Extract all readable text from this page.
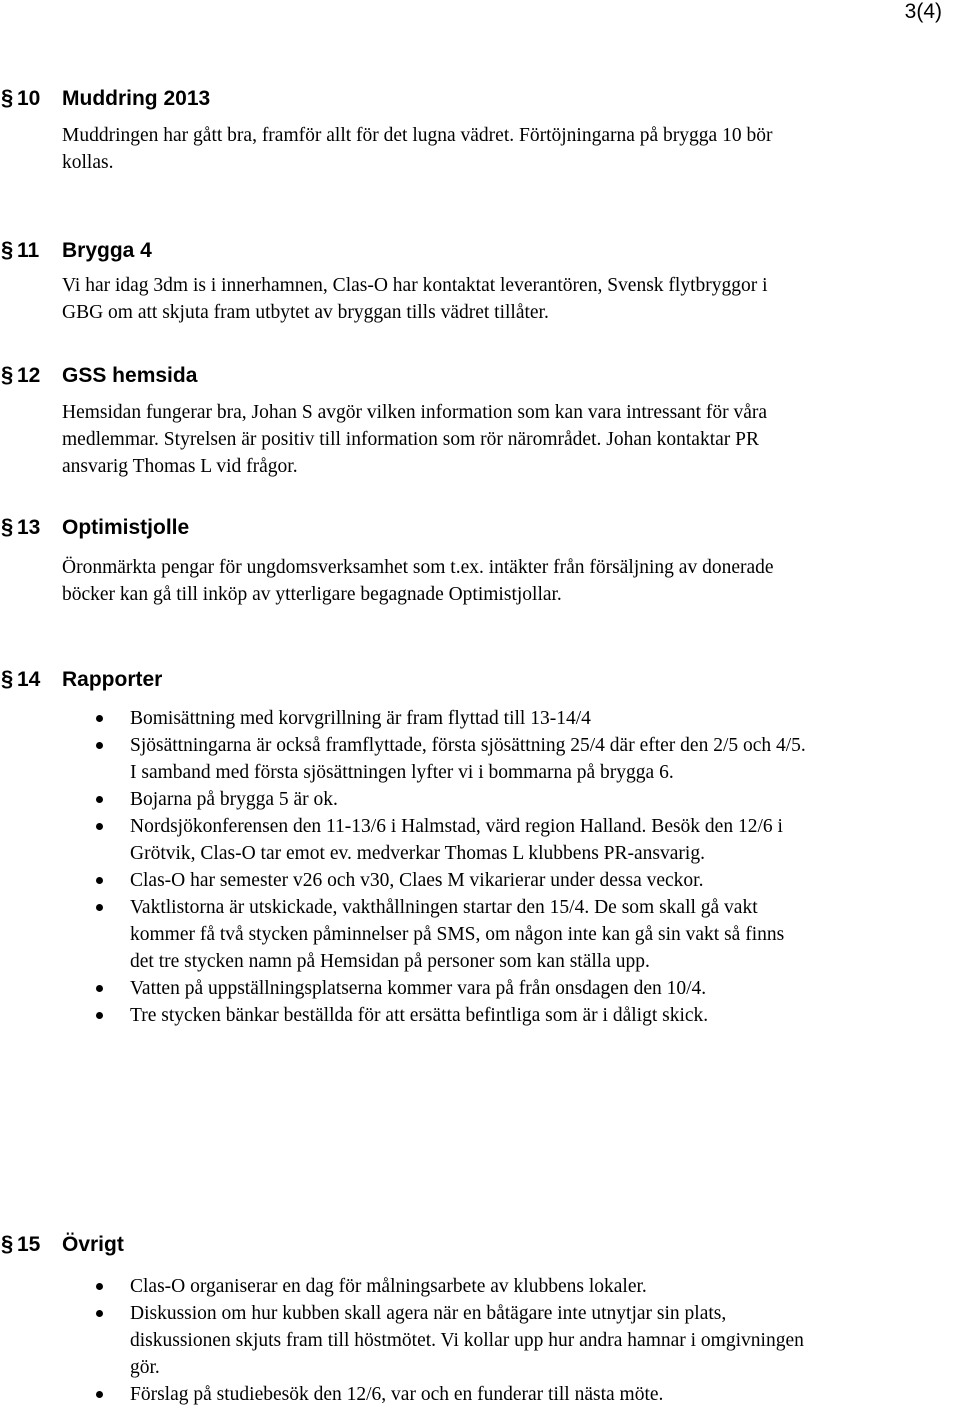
3(4)
§ 10 Muddring 2013

Muddringen har gått bra, framför allt för det lugna vädret. Förtöjningarna på brygga 10 bör kollas.

§ 11 Brygga 4

Vi har idag 3dm is i innerhamnen, Clas-O har kontaktat leverantören, Svensk flytbryggor i GBG om att skjuta fram utbytet av bryggan tills vädret tillåter.

§ 12 GSS hemsida

Hemsidan fungerar bra, Johan S avgör vilken information som kan vara intressant för våra medlemmar. Styrelsen är positiv till information som rör närområdet. Johan kontaktar PR ansvarig Thomas L vid frågor.

§ 13 Optimistjolle

Öronmärkta pengar för ungdomsverksamhet som t.ex. intäkter från försäljning av donerade böcker kan gå till inköp av ytterligare begagnade Optimistjollar.

§ 14 Rapporter
Bomisättning med korvgrillning är fram flyttad till 13-14/4
Sjösättningarna är också framflyttade, första sjösättning 25/4 där efter den 2/5 och 4/5. I samband med första sjösättningen lyfter vi i bommarna på brygga 6.
Bojarna på brygga 5 är ok.
Nordsjökonferensen den 11-13/6 i Halmstad, värd region Halland. Besök den 12/6 i Grötvik, Clas-O tar emot ev. medverkar Thomas L klubbens PR-ansvarig.
Clas-O har semester v26 och v30, Claes M vikarierar under dessa veckor.
Vaktlistorna är utskickade, vakthållningen startar den 15/4. De som skall gå vakt kommer få två stycken påminnelser på SMS, om någon inte kan gå sin vakt så finns det tre stycken namn på Hemsidan på personer som kan ställa upp.
Vatten på uppställningsplatserna kommer vara på från onsdagen den 10/4.
Tre stycken bänkar beställda för att ersätta befintliga som är i dåligt skick.
§ 15 Övrigt
Clas-O organiserar en dag för målningsarbete av klubbens lokaler.
Diskussion om hur kubben skall agera när en båtägare inte utnytjar sin plats, diskussionen skjuts fram till höstmötet. Vi kollar upp hur andra hamnar i omgivningen gör.
Förslag på studiebesök den 12/6, var och en funderar till nästa möte.
